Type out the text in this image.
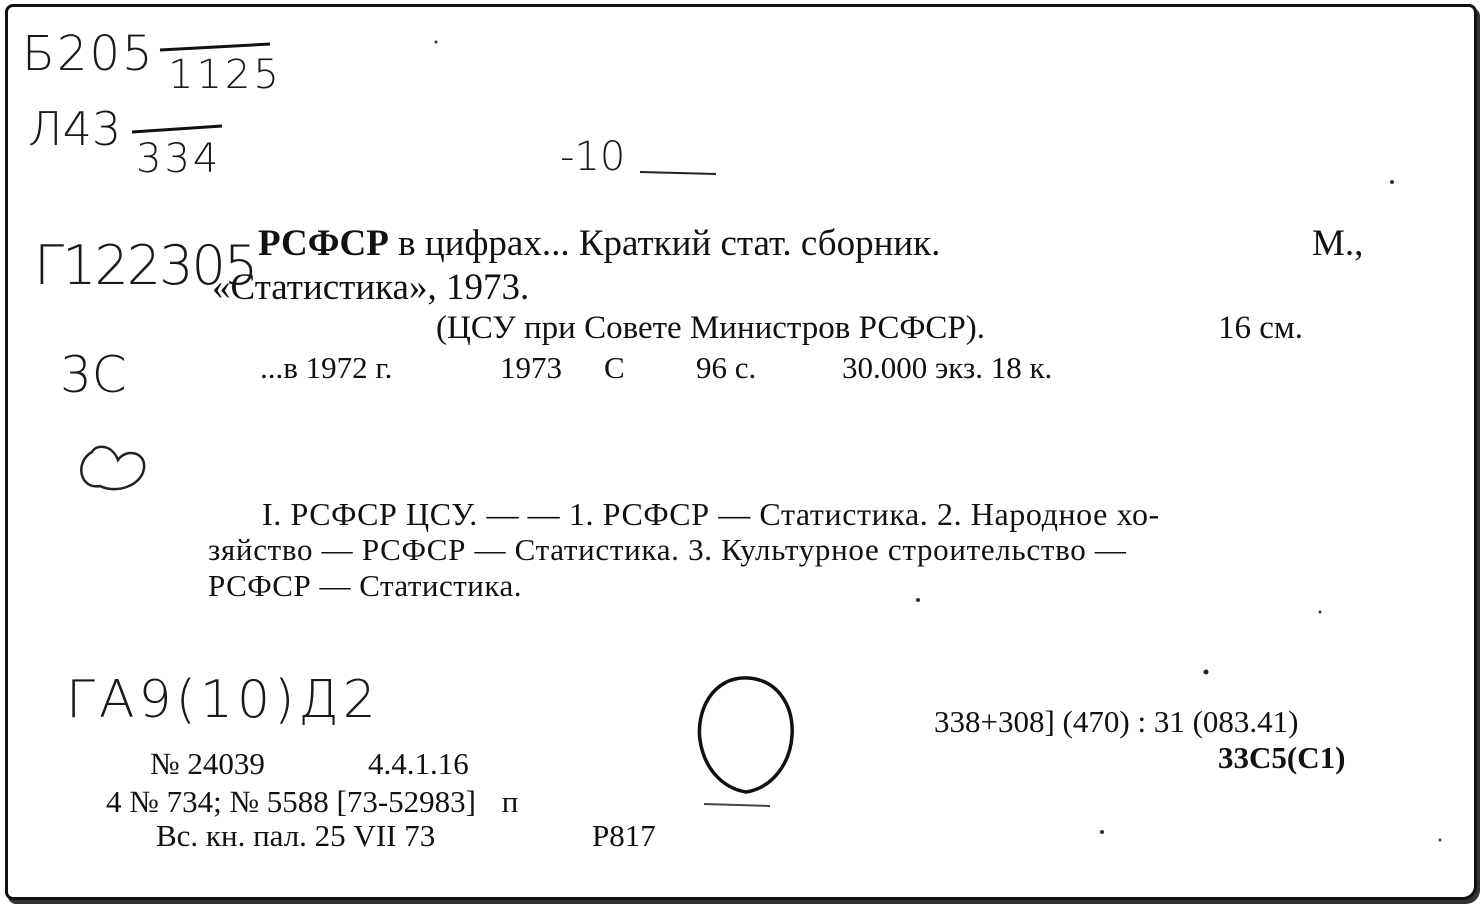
Б205 1125
Л43
334	-10
Г122305
3С
ГА9(10)Д2
РСФСР в цифрах... Краткий стат. сборник.	М.,
«Статистика», 1973.
(ЦСУ при Совете Министров РСФСР).	16 см.
...в 1972 г.	1973 С 96 с.	30.000 экз. 18 к.
I. РСФСР ЦСУ. — — 1. РСФСР — Статистика. 2. Народное хо-
зяйство — РСФСР — Статистика. 3. Культурное строительство —
РСФСР — Статистика.
№ 24039	4.4.1.16
4 № 734; № 5588 [73-52983] п
Вс. кн. пал. 25 VII 73	Р817
338+308] (470) : 31 (083.41)
33С5(С1)
